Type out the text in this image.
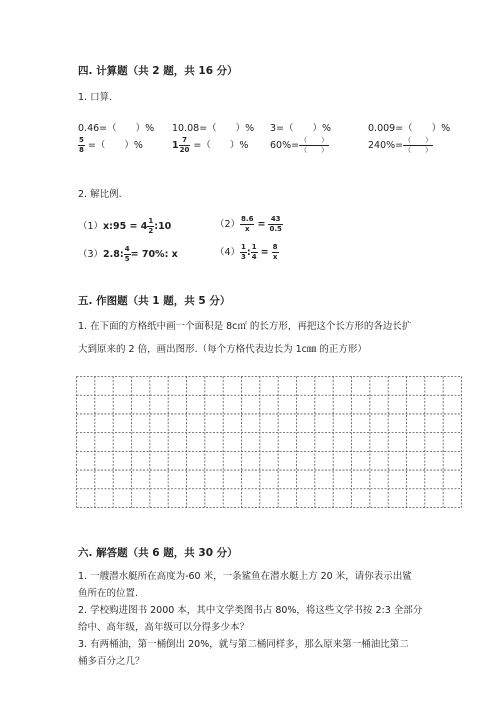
四. 计算题（共 2 题，共 16 分）
1. 口算.
0.46=（　　）% 10.08=（　　）% 3=（　　）%	0.009=（　　）%
$\frac{5}{8}$ =（　　）%	$1 \frac{7}{20}$ =（　　）% $60\%= \frac{( )}{( )}$	$240\%= \frac{( )}{( )}$
2. 解比例.
（1）x:95 = $4 \frac{1}{2}$ :10	$(2) \frac{8.6}{x} = \frac{43}{0.5}$
（3）2.8: $\frac{4}{5} = 70\%$: x	$(4) \frac{1}{3}$ : $\frac{1}{4} = \frac{8}{x}$
五. 作图题（共 1 题，共 5 分）
1. 在下面的方格纸中画一个面积是 8c㎡ 的长方形，再把这个长方形的各边长扩
大到原来的 2 倍，画出图形.（每个方格代表边长为 1c㎜ 的正方形）
六. 解答题（共 6 题，共 30 分）
1. 一艘潜水艇所在高度为-60 米，一条鲨鱼在潜水艇上方 20 米，请你表示出鲨
鱼所在的位置.
2. 学校购进图书 2000 本，其中文学类图书占 80%，将这些文学书按 2:3 全部分
给中、高年级，高年级可以分得多少本？
3. 有两桶油，第一桶倒出 20%，就与第二桶同样多，那么原来第一桶油比第二
桶多百分之几？
